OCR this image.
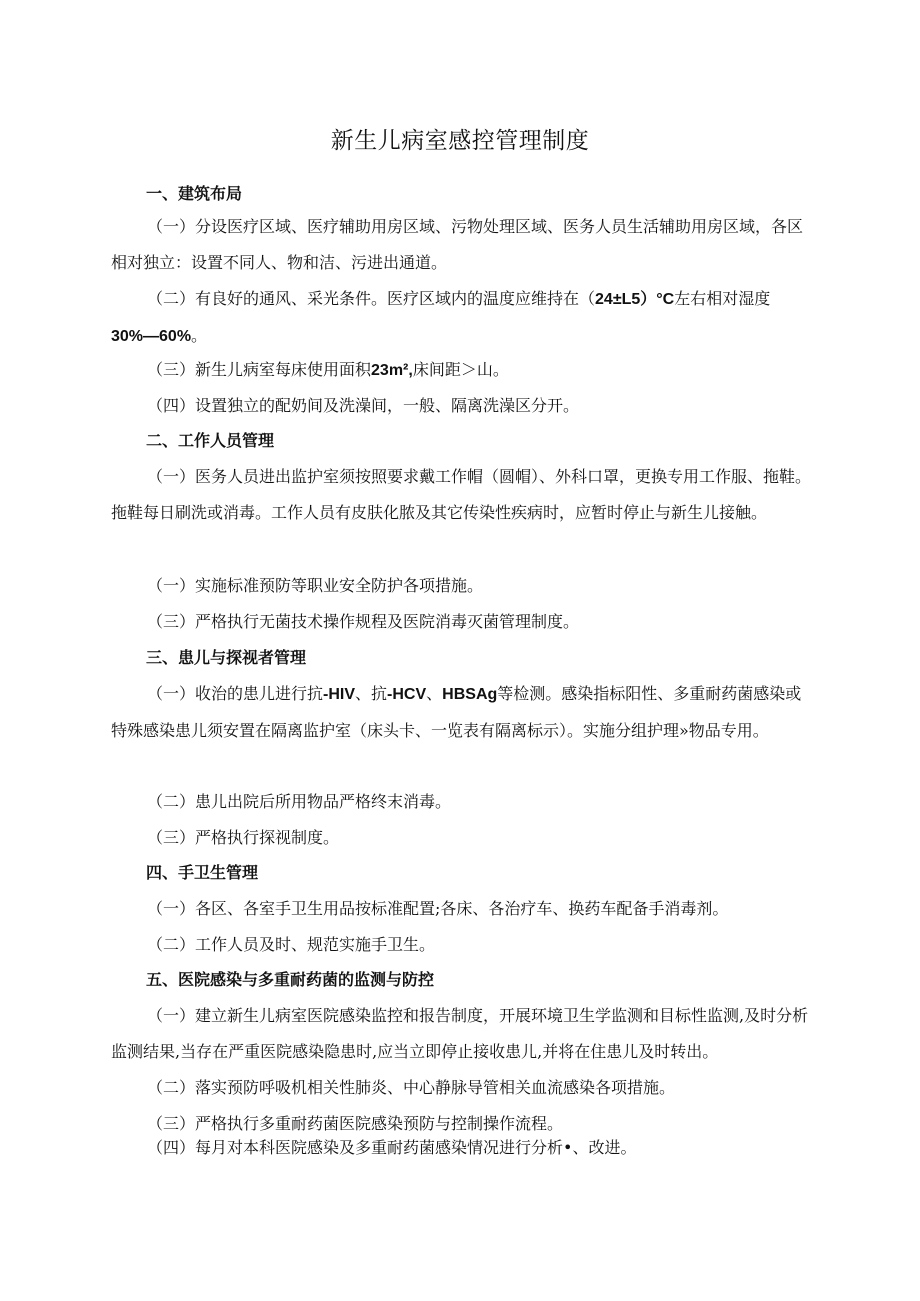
新生儿病室感控管理制度
一、建筑布局
（一）分设医疗区域、医疗辅助用房区域、污物处理区域、医务人员生活辅助用房区域，各区相对独立：设置不同人、物和洁、污进出通道。
（二）有良好的通风、采光条件。医疗区域内的温度应维持在（24±L5）°C左右相对湿度
30%—60%。
（三）新生儿病室每床使用面积23m²,床间距＞山。
（四）设置独立的配奶间及洗澡间，一般、隔离洗澡区分开。
二、工作人员管理
（一）医务人员进出监护室须按照要求戴工作帽（圆帽）、外科口罩，更换专用工作服、拖鞋。拖鞋每日刷洗或消毒。工作人员有皮肤化脓及其它传染性疾病时，应暂时停止与新生儿接触。
（一）实施标准预防等职业安全防护各项措施。
（三）严格执行无菌技术操作规程及医院消毒灭菌管理制度。
三、患儿与探视者管理
（一）收治的患儿进行抗-HIV、抗-HCV、HBSAg等检测。感染指标阳性、多重耐药菌感染或特殊感染患儿须安置在隔离监护室（床头卡、一览表有隔离标示）。实施分组护理»物品专用。
（二）患儿出院后所用物品严格终末消毒。
（三）严格执行探视制度。
四、手卫生管理
（一）各区、各室手卫生用品按标准配置;各床、各治疗车、换药车配备手消毒剂。
（二）工作人员及时、规范实施手卫生。
五、医院感染与多重耐药菌的监测与防控
（一）建立新生儿病室医院感染监控和报告制度，开展环境卫生学监测和目标性监测,及时分析监测结果,当存在严重医院感染隐患时,应当立即停止接收患儿,并将在住患儿及时转出。
（二）落实预防呼吸机相关性肺炎、中心静脉导管相关血流感染各项措施。
（三）严格执行多重耐药菌医院感染预防与控制操作流程。
（四）每月对本科医院感染及多重耐药菌感染情况进行分析•、改进。
